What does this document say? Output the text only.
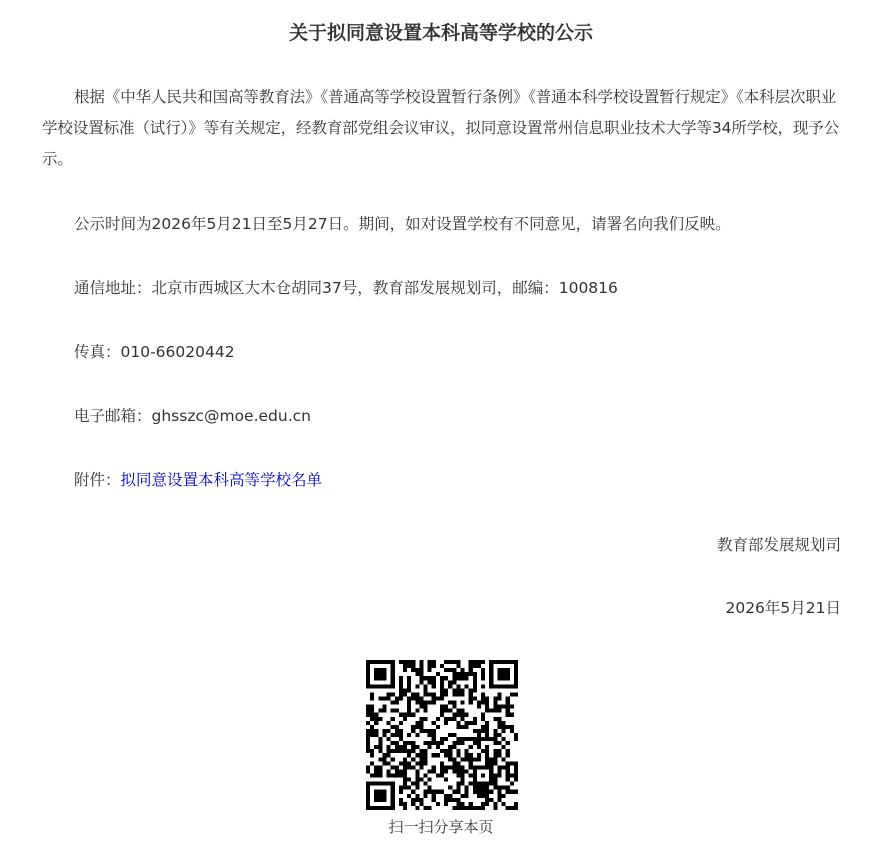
关于拟同意设置本科高等学校的公示
根据《中华人民共和国高等教育法》《普通高等学校设置暂行条例》《普通本科学校设置暂行规定》《本科层次职业学校设置标准（试行）》等有关规定，经教育部党组会议审议，拟同意设置常州信息职业技术大学等34所学校，现予公示。
公示时间为2026年5月21日至5月27日。期间，如对设置学校有不同意见，请署名向我们反映。
通信地址：北京市西城区大木仓胡同37号，教育部发展规划司，邮编：100816
传真：010-66020442
电子邮箱：ghsszc@moe.edu.cn
附件：拟同意设置本科高等学校名单
教育部发展规划司
2026年5月21日
扫一扫分享本页
